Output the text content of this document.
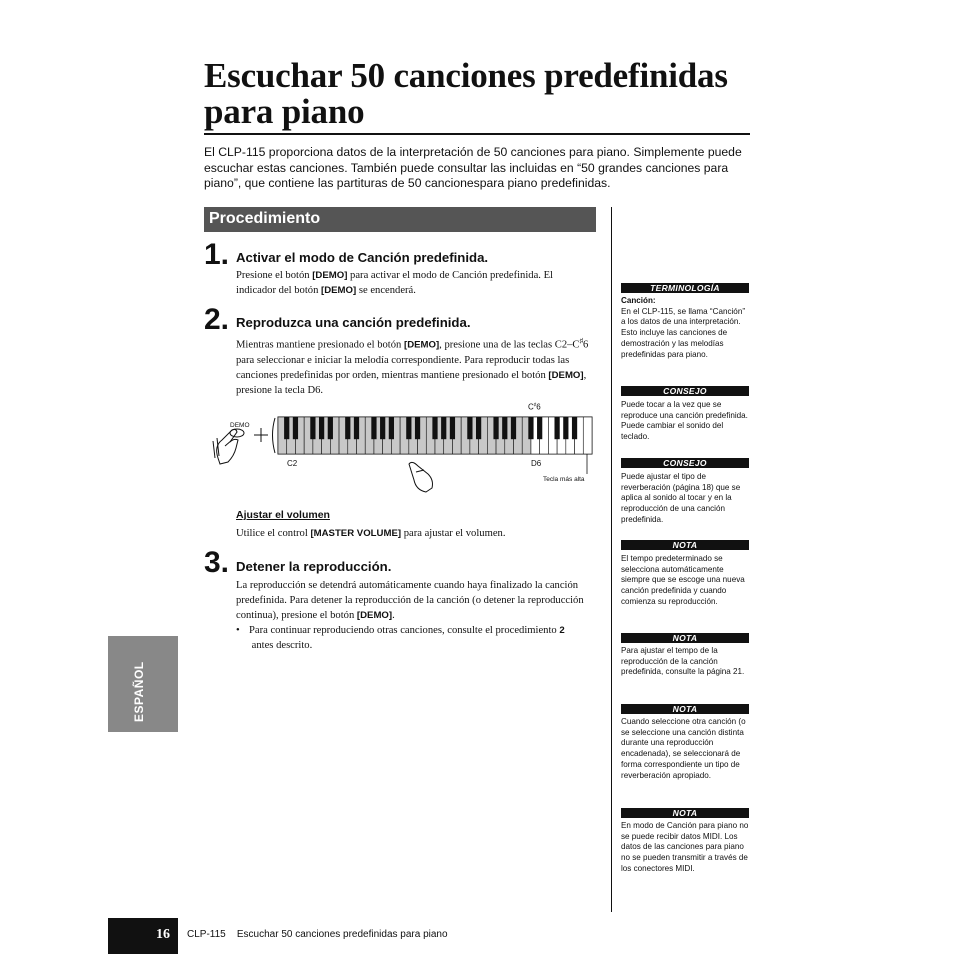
Escuchar 50 canciones predefinidas para piano

El CLP-115 proporciona datos de la interpretación de 50 canciones para piano. Simplemente puede escuchar estas canciones. También puede consultar las incluidas en “50 grandes canciones para piano”, que contiene las partituras de 50 cancionespara piano predefinidas.

Procedimiento
1. Activar el modo de Canción predefinida.

Presione el botón [DEMO] para activar el modo de Canción predefinida. El indicador del botón [DEMO] se encenderá.

2. Reproduzca una canción predefinida.

Mientras mantiene presionado el botón [DEMO], presione una de las teclas C2–C♯6 para seleccionar e iniciar la melodía correspondiente. Para reproducir todas las canciones predefinidas por orden, mientras mantiene presionado el botón [DEMO], presione la tecla D6.

DEMO
C2	D6
C♯6
Tecla más alta
Ajustar el volumen

Utilice el control [MASTER VOLUME] para ajustar el volumen.

3. Detener la reproducción.

La reproducción se detendrá automáticamente cuando haya finalizado la canción predefinida. Para detener la reproducción de la canción (o detener la reproducción continua), presione el botón [DEMO].

• Para continuar reproduciendo otras canciones, consulte el procedimiento 2
antes descrito.

TERMINOLOGÍA

Canción:
En el CLP-115, se llama “Canción” a los datos de una interpretación. Esto incluye las canciones de demostración y las melodías predefinidas para piano.

CONSEJO

Puede tocar a la vez que se reproduce una canción predefinida. Puede cambiar el sonido del teclado.

CONSEJO

Puede ajustar el tipo de reverberación (página 18) que se aplica al sonido al tocar y en la reproducción de una canción predefinida.

NOTA

El tempo predeterminado se selecciona automáticamente siempre que se escoge una nueva canción predefinida y cuando comienza su reproducción.

NOTA

Para ajustar el tempo de la reproducción de la canción predefinida, consulte la página 21.

NOTA

Cuando seleccione otra canción (o se seleccione una canción distinta durante una reproducción encadenada), se seleccionará de forma correspondiente un tipo de reverberación apropiado.

NOTA

En modo de Canción para piano no se puede recibir datos MIDI. Los datos de las canciones para piano no se pueden transmitir a través de los conectores MIDI.

ESPAÑOL
16 CLP-115 Escuchar 50 canciones predefinidas para piano
